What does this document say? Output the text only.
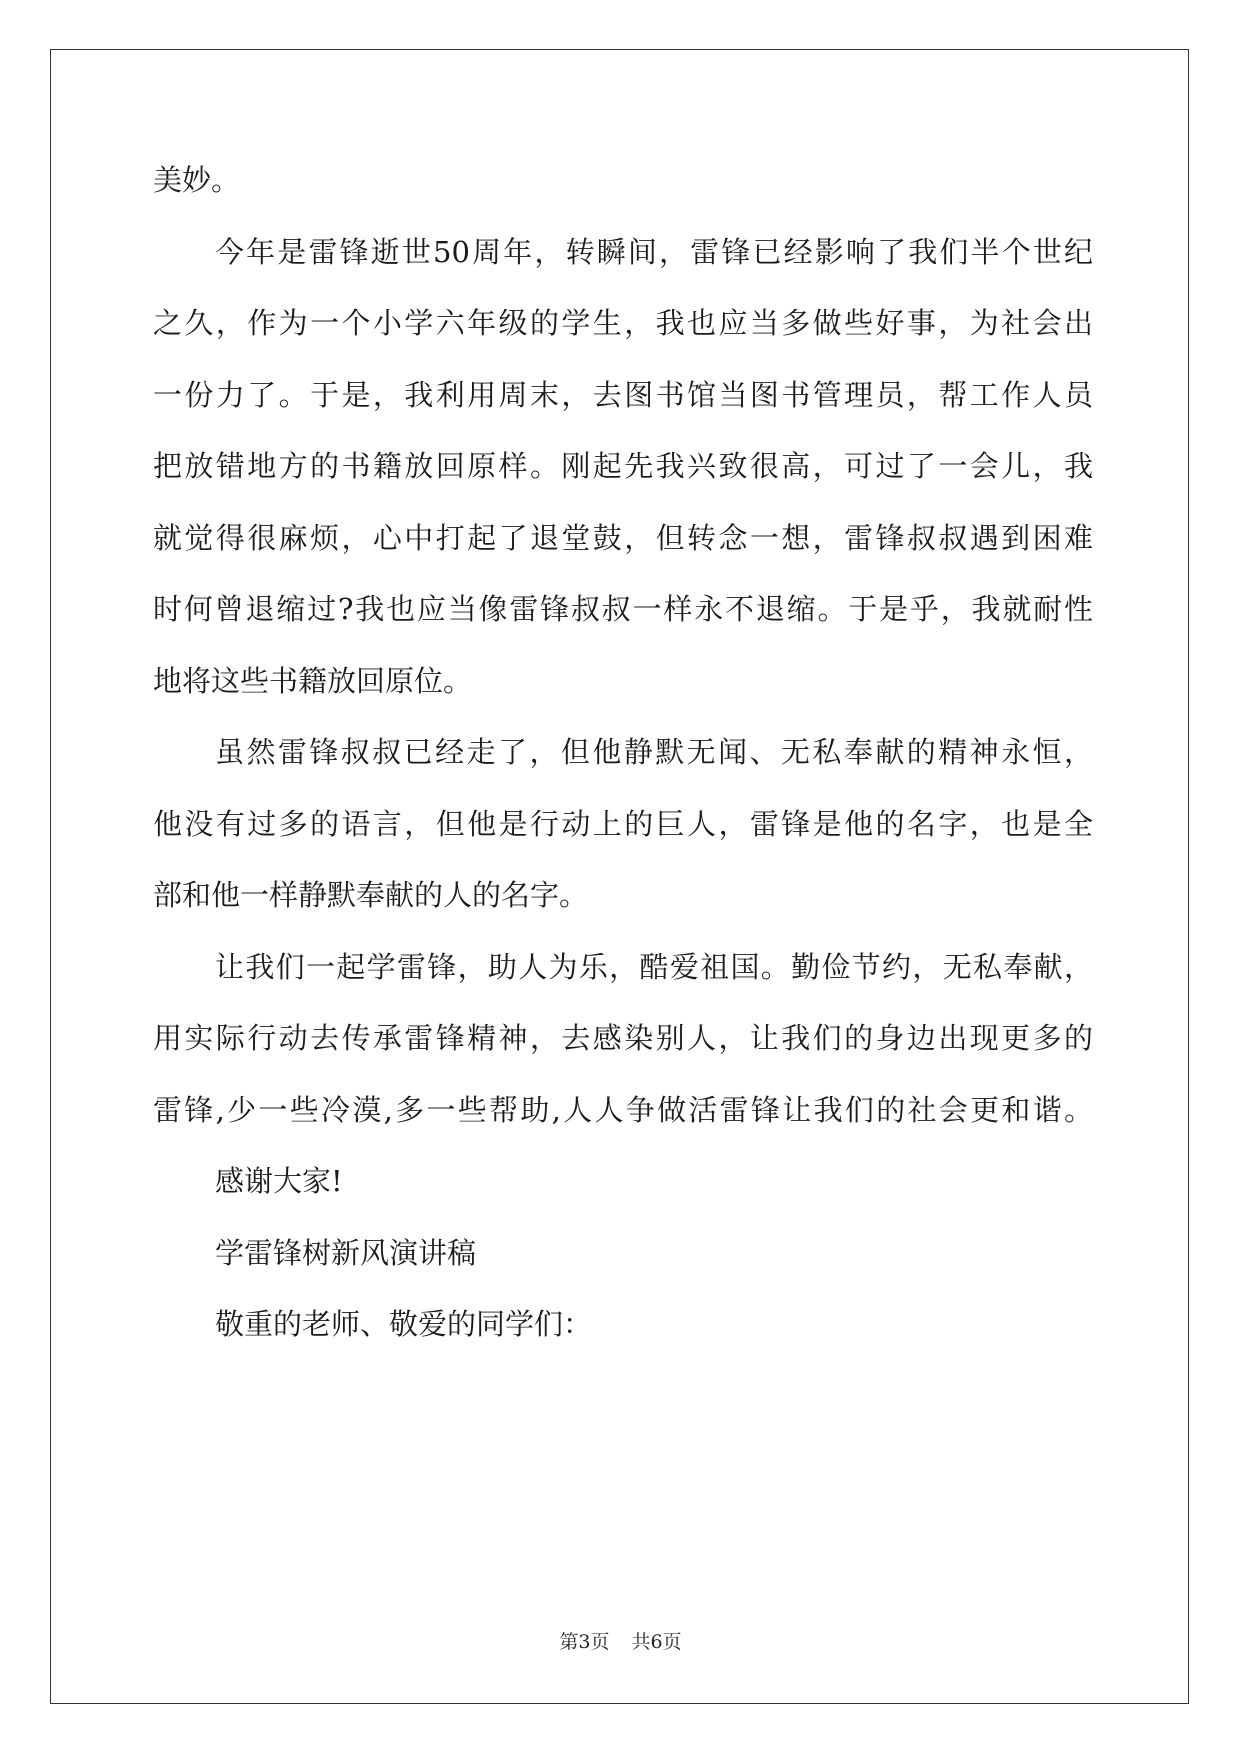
美妙。
今年是雷锋逝世50周年，转瞬间，雷锋已经影响了我们半个世纪
之久，作为一个小学六年级的学生，我也应当多做些好事，为社会出
一份力了。于是，我利用周末，去图书馆当图书管理员，帮工作人员
把放错地方的书籍放回原样。刚起先我兴致很高，可过了一会儿，我
就觉得很麻烦，心中打起了退堂鼓，但转念一想，雷锋叔叔遇到困难
时何曾退缩过?我也应当像雷锋叔叔一样永不退缩。于是乎，我就耐性
地将这些书籍放回原位。
虽然雷锋叔叔已经走了，但他静默无闻、无私奉献的精神永恒，
他没有过多的语言，但他是行动上的巨人，雷锋是他的名字，也是全
部和他一样静默奉献的人的名字。
让我们一起学雷锋，助人为乐，酷爱祖国。勤俭节约，无私奉献，
用实际行动去传承雷锋精神，去感染别人，让我们的身边出现更多的
雷锋,少一些冷漠,多一些帮助,人人争做活雷锋让我们的社会更和谐。
感谢大家!
学雷锋树新风演讲稿
敬重的老师、敬爱的同学们：
第3页 共6页
